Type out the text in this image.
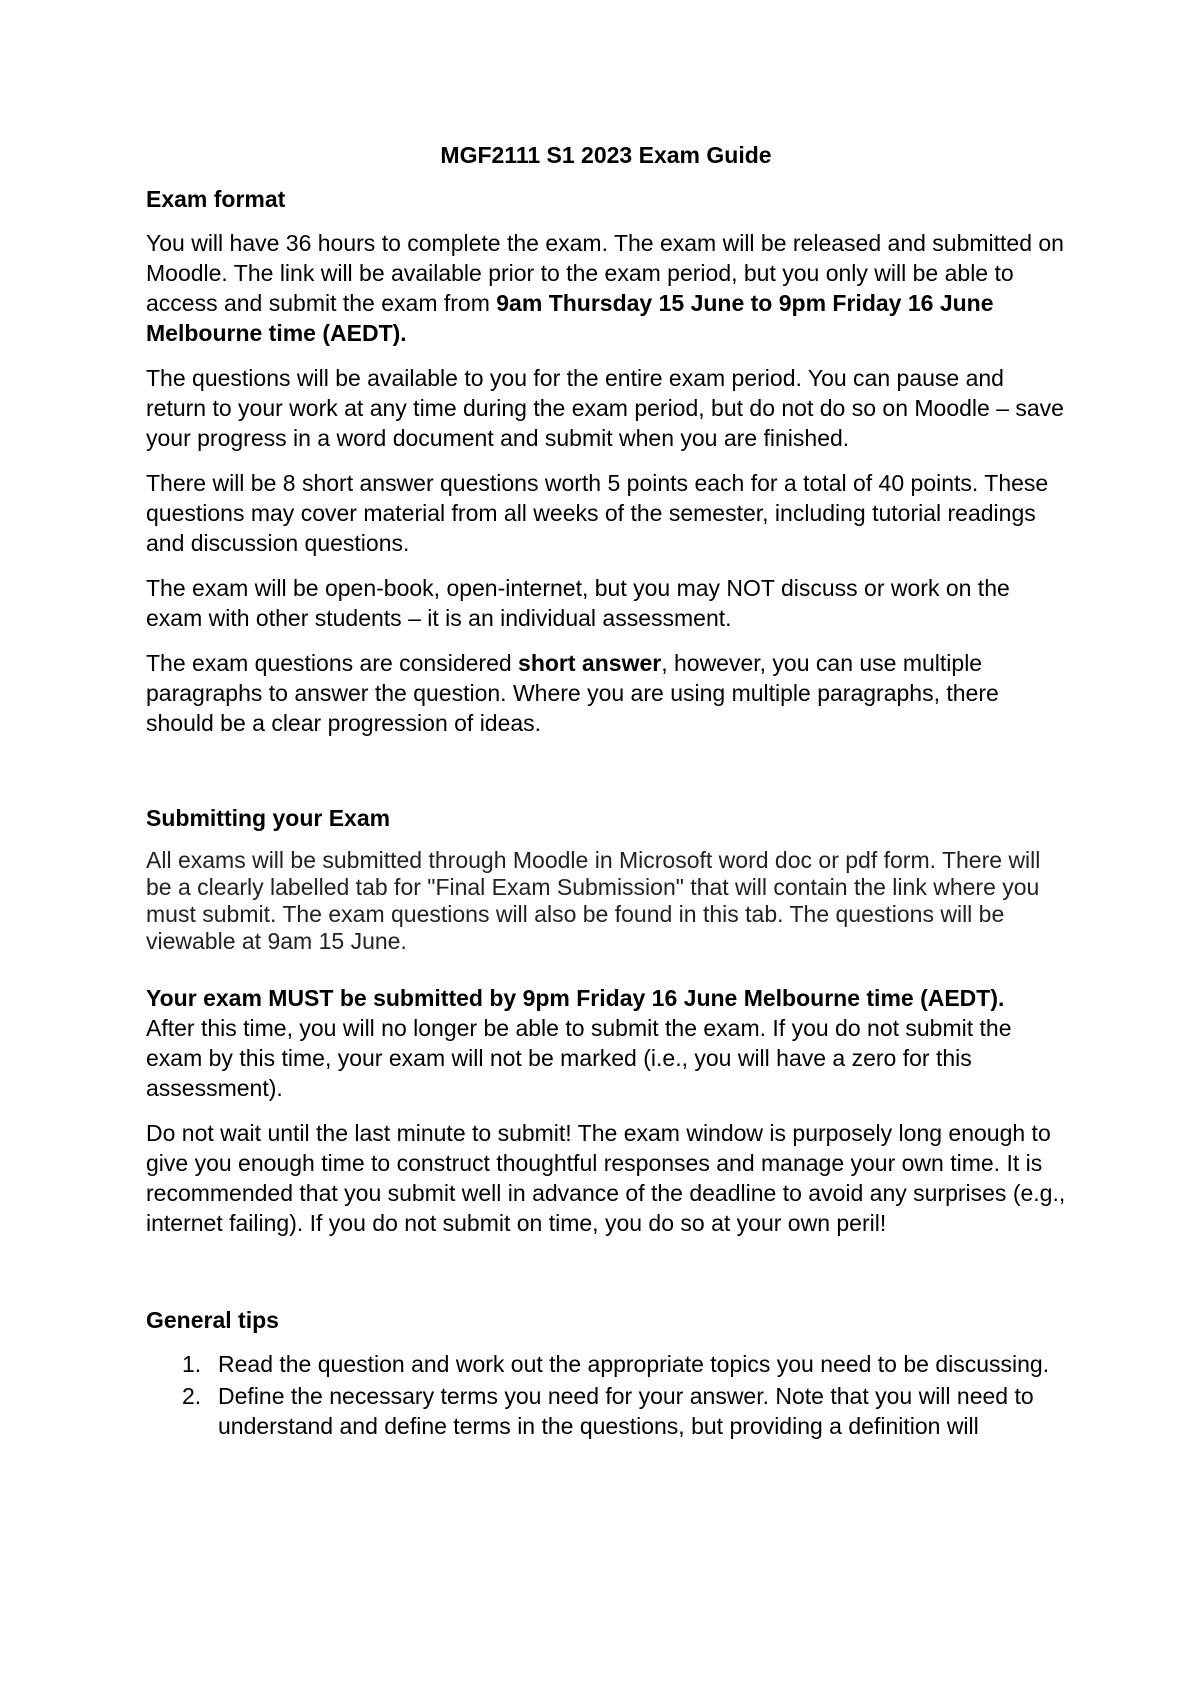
MGF2111 S1 2023 Exam Guide
Exam format

You will have 36 hours to complete the exam. The exam will be released and submitted on Moodle. The link will be available prior to the exam period, but you only will be able to access and submit the exam from 9am Thursday 15 June to 9pm Friday 16 June Melbourne time (AEDT).

The questions will be available to you for the entire exam period. You can pause and return to your work at any time during the exam period, but do not do so on Moodle – save your progress in a word document and submit when you are finished.

There will be 8 short answer questions worth 5 points each for a total of 40 points. These questions may cover material from all weeks of the semester, including tutorial readings and discussion questions.

The exam will be open-book, open-internet, but you may NOT discuss or work on the exam with other students – it is an individual assessment.

The exam questions are considered short answer, however, you can use multiple paragraphs to answer the question. Where you are using multiple paragraphs, there should be a clear progression of ideas.

Submitting your Exam

All exams will be submitted through Moodle in Microsoft word doc or pdf form. There will be a clearly labelled tab for "Final Exam Submission" that will contain the link where you must submit. The exam questions will also be found in this tab. The questions will be viewable at 9am 15 June.

Your exam MUST be submitted by 9pm Friday 16 June Melbourne time (AEDT).
After this time, you will no longer be able to submit the exam. If you do not submit the exam by this time, your exam will not be marked (i.e., you will have a zero for this assessment).

Do not wait until the last minute to submit! The exam window is purposely long enough to give you enough time to construct thoughtful responses and manage your own time. It is recommended that you submit well in advance of the deadline to avoid any surprises (e.g., internet failing). If you do not submit on time, you do so at your own peril!

General tips
1. Read the question and work out the appropriate topics you need to be discussing.
2. Define the necessary terms you need for your answer. Note that you will need to understand and define terms in the questions, but providing a definition will
